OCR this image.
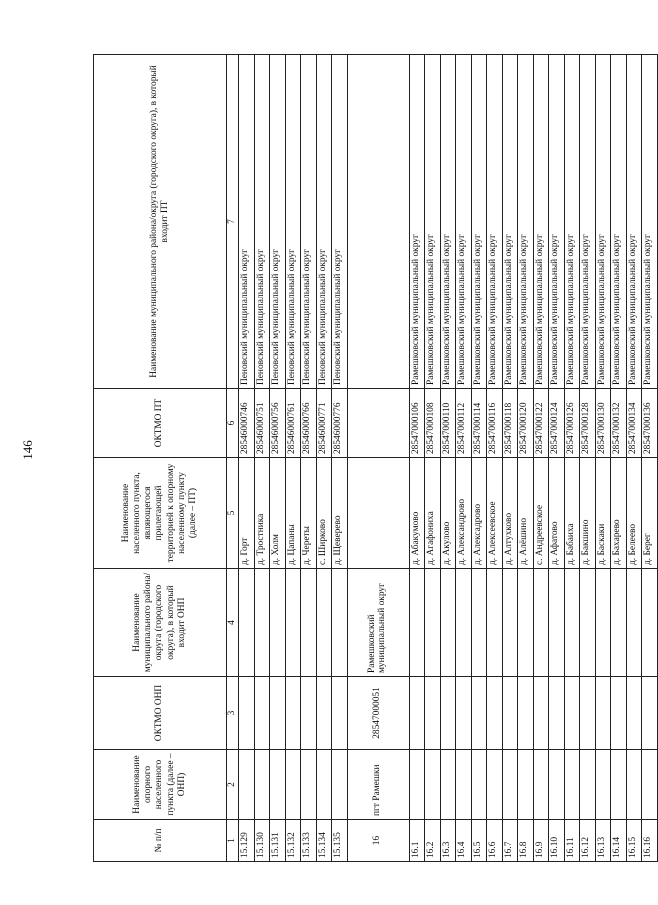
146
№ п/п	Наименование опорного населенного пункта (далее – ОНП)	ОКТМО ОНП	Наименование муниципального района/округа (городского округа), в который входит ОНП	Наименование населенного пункта, являющегося прилегающей территорией к опорному населенному пункту (далее – ПТ)	ОКТМО ПТ	Наименование муниципального района/округа (городского округа), в который входит ПТ
1	2	3	4	5	6	7
15.129				д. Горт	28546000746	Пеновский муниципальный округ
15.130				д. Тростника	28546000751	Пеновский муниципальный округ
15.131				д. Холм	28546000756	Пеновский муниципальный округ
15.132				д. Цапаны	28546000761	Пеновский муниципальный округ
15.133				д. Череты	28546000766	Пеновский муниципальный округ
15.134				с. Ширково	28546000771	Пеновский муниципальный округ
15.135				д. Щеверево	28546000776	Пеновский муниципальный округ
16	пгт Рамешки	28547000051	Рамешковский муниципальный округ			
16.1				д. Абакумово	28547000106	Рамешковский муниципальный округ
16.2				д. Агафониха	28547000108	Рамешковский муниципальный округ
16.3				д. Акулово	28547000110	Рамешковский муниципальный округ
16.4				д. Александрово	28547000112	Рамешковский муниципальный округ
16.5				д. Алексадрово	28547000114	Рамешковский муниципальный округ
16.6				д. Алексеевское	28547000116	Рамешковский муниципальный округ
16.7				д. Алтухково	28547000118	Рамешковский муниципальный округ
16.8				д. Алёшино	28547000120	Рамешковский муниципальный округ
16.9				с. Андреевское	28547000122	Рамешковский муниципальный округ
16.10				д. Афатово	28547000124	Рамешковский муниципальный округ
16.11				д. Бабаиха	28547000126	Рамешковский муниципальный округ
16.12				д. Бакшино	28547000128	Рамешковский муниципальный округ
16.13				д. Баскаки	28547000130	Рамешковский муниципальный округ
16.14				д. Бахарево	28547000132	Рамешковский муниципальный округ
16.15				д. Белеево	28547000134	Рамешковский муниципальный округ
16.16				д. Берег	28547000136	Рамешковский муниципальный округ
